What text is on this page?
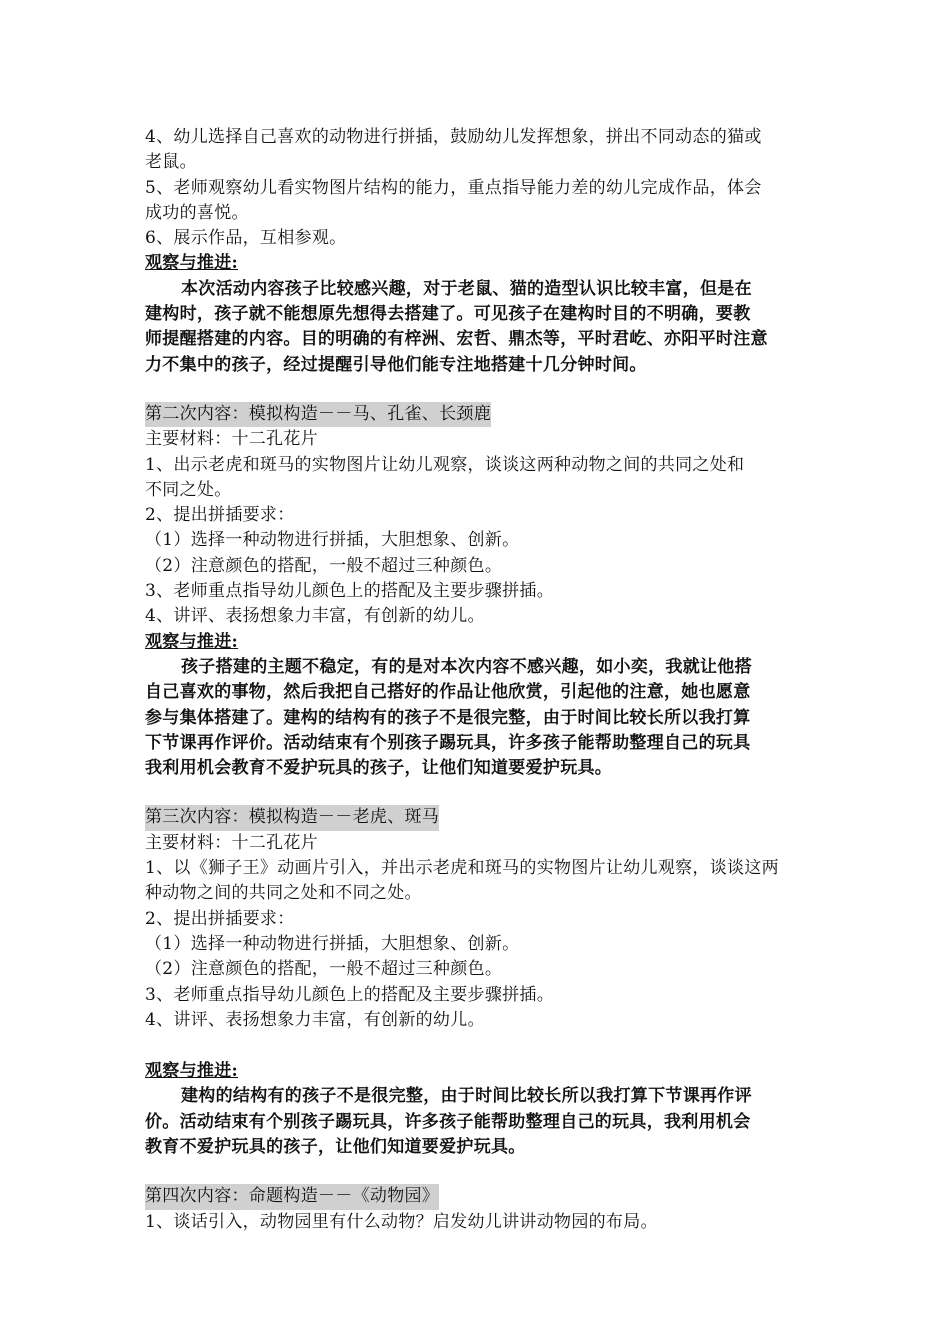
4、幼儿选择自己喜欢的动物进行拼插，鼓励幼儿发挥想象，拼出不同动态的猫或
老鼠。
5、老师观察幼儿看实物图片结构的能力，重点指导能力差的幼儿完成作品，体会
成功的喜悦。
6、展示作品，互相参观。
观察与推进:
本次活动内容孩子比较感兴趣，对于老鼠、猫的造型认识比较丰富，但是在
建构时，孩子就不能想原先想得去搭建了。可见孩子在建构时目的不明确，要教
师提醒搭建的内容。目的明确的有梓洲、宏哲、鼎杰等，平时君屹、亦阳平时注意
力不集中的孩子，经过提醒引导他们能专注地搭建十几分钟时间。
第二次内容：模拟构造－－马、孔雀、长颈鹿
主要材料：十二孔花片
1、出示老虎和斑马的实物图片让幼儿观察，谈谈这两种动物之间的共同之处和
不同之处。
2、提出拼插要求：
（1）选择一种动物进行拼插，大胆想象、创新。
（2）注意颜色的搭配，一般不超过三种颜色。
3、老师重点指导幼儿颜色上的搭配及主要步骤拼插。
4、讲评、表扬想象力丰富，有创新的幼儿。
观察与推进:
孩子搭建的主题不稳定，有的是对本次内容不感兴趣，如小奕，我就让他搭
自己喜欢的事物，然后我把自己搭好的作品让他欣赏，引起他的注意，她也愿意
参与集体搭建了。建构的结构有的孩子不是很完整，由于时间比较长所以我打算
下节课再作评价。活动结束有个别孩子踢玩具，许多孩子能帮助整理自己的玩具
我利用机会教育不爱护玩具的孩子，让他们知道要爱护玩具。
第三次内容：模拟构造－－老虎、斑马
主要材料：十二孔花片
1、以《狮子王》动画片引入，并出示老虎和斑马的实物图片让幼儿观察，谈谈这两
种动物之间的共同之处和不同之处。
2、提出拼插要求：
（1）选择一种动物进行拼插，大胆想象、创新。
（2）注意颜色的搭配，一般不超过三种颜色。
3、老师重点指导幼儿颜色上的搭配及主要步骤拼插。
4、讲评、表扬想象力丰富，有创新的幼儿。
观察与推进:
建构的结构有的孩子不是很完整，由于时间比较长所以我打算下节课再作评
价。活动结束有个别孩子踢玩具，许多孩子能帮助整理自己的玩具，我利用机会
教育不爱护玩具的孩子，让他们知道要爱护玩具。
第四次内容：命题构造－－《动物园》
1、谈话引入，动物园里有什么动物？启发幼儿讲讲动物园的布局。
